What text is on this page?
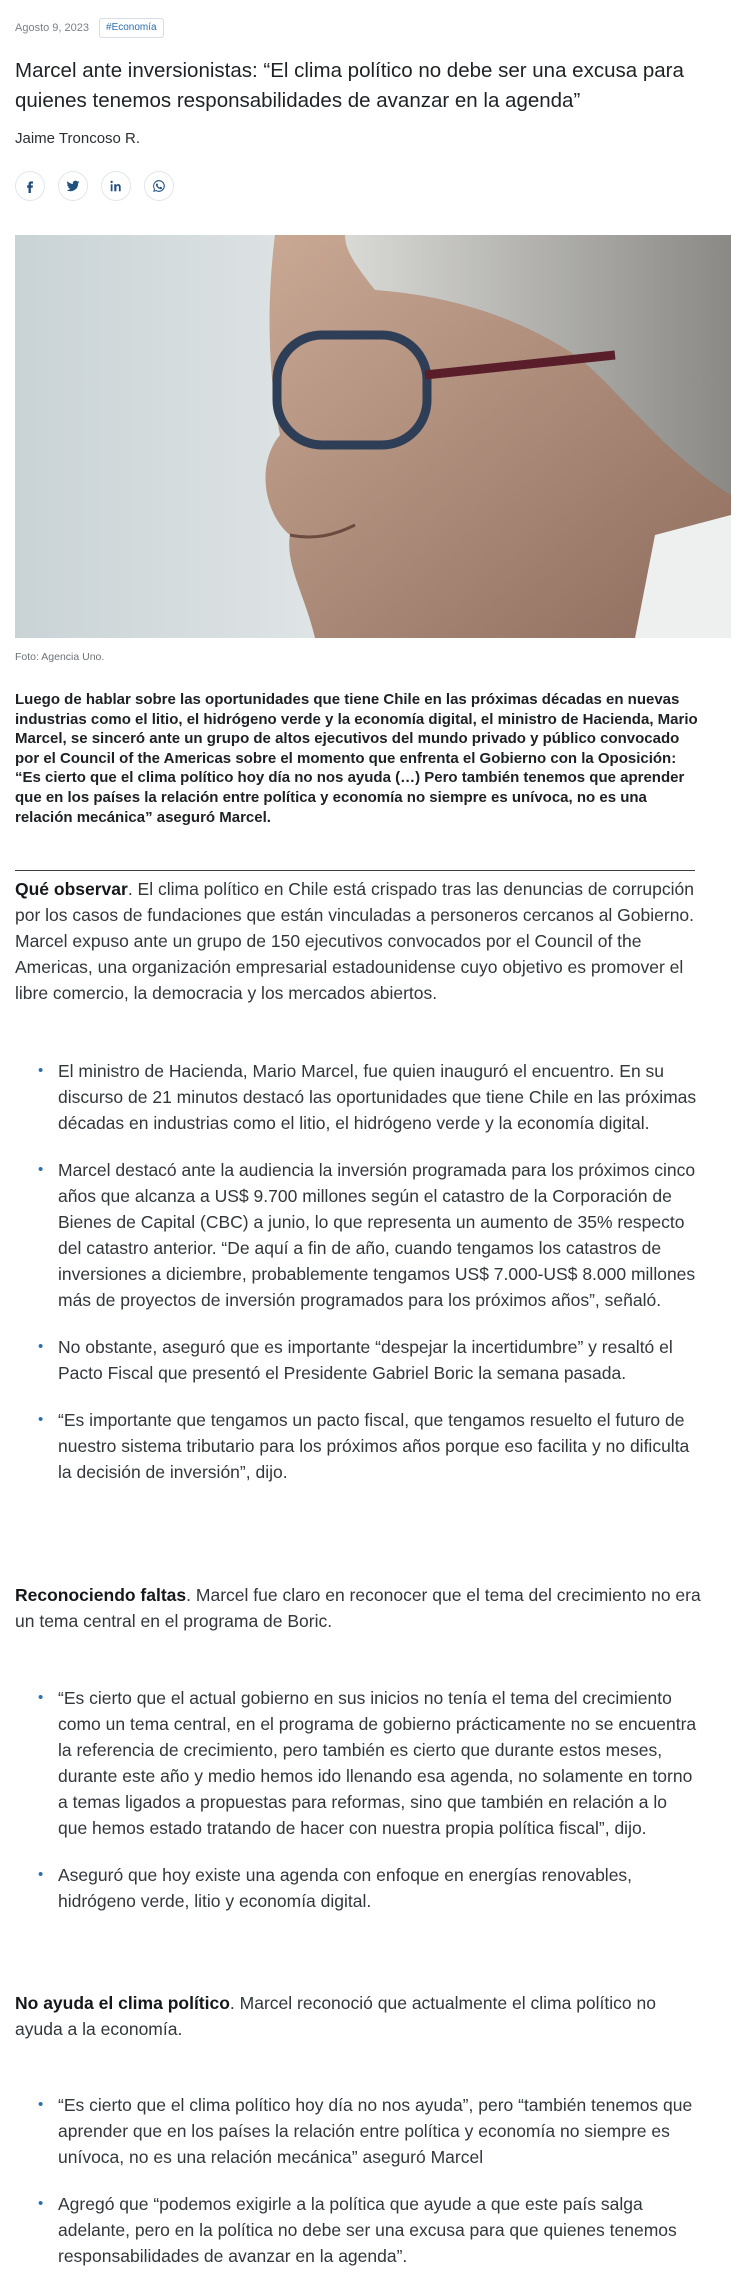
Agosto 9, 2023	#Economía
Marcel ante inversionistas: “El clima político no debe ser una excusa para quienes tenemos responsabilidades de avanzar en la agenda”
Jaime Troncoso R.
Foto: Agencia Uno.

Luego de hablar sobre las oportunidades que tiene Chile en las próximas décadas en nuevas industrias como el litio, el hidrógeno verde y la economía digital, el ministro de Hacienda, Mario Marcel, se sinceró ante un grupo de altos ejecutivos del mundo privado y público convocado por el Council of the Americas sobre el momento que enfrenta el Gobierno con la Oposición: “Es cierto que el clima político hoy día no nos ayuda (…) Pero también tenemos que aprender que en los países la relación entre política y economía no siempre es unívoca, no es una relación mecánica” aseguró Marcel.

Qué observar. El clima político en Chile está crispado tras las denuncias de corrupción por los casos de fundaciones que están vinculadas a personeros cercanos al Gobierno. Marcel expuso ante un grupo de 150 ejecutivos convocados por el Council of the Americas, una organización empresarial estadounidense cuyo objetivo es promover el libre comercio, la democracia y los mercados abiertos.

• El ministro de Hacienda, Mario Marcel, fue quien inauguró el encuentro. En su discurso de 21 minutos destacó las oportunidades que tiene Chile en las próximas décadas en industrias como el litio, el hidrógeno verde y la economía digital.
• Marcel destacó ante la audiencia la inversión programada para los próximos cinco años que alcanza a US$ 9.700 millones según el catastro de la Corporación de Bienes de Capital (CBC) a junio, lo que representa un aumento de 35% respecto del catastro anterior. “De aquí a fin de año, cuando tengamos los catastros de inversiones a diciembre, probablemente tengamos US$ 7.000-US$ 8.000 millones más de proyectos de inversión programados para los próximos años”, señaló.
• No obstante, aseguró que es importante “despejar la incertidumbre” y resaltó el Pacto Fiscal que presentó el Presidente Gabriel Boric la semana pasada.
• “Es importante que tengamos un pacto fiscal, que tengamos resuelto el futuro de nuestro sistema tributario para los próximos años porque eso facilita y no dificulta la decisión de inversión”, dijo.

Reconociendo faltas. Marcel fue claro en reconocer que el tema del crecimiento no era un tema central en el programa de Boric.

• “Es cierto que el actual gobierno en sus inicios no tenía el tema del crecimiento como un tema central, en el programa de gobierno prácticamente no se encuentra la referencia de crecimiento, pero también es cierto que durante estos meses, durante este año y medio hemos ido llenando esa agenda, no solamente en torno a temas ligados a propuestas para reformas, sino que también en relación a lo que hemos estado tratando de hacer con nuestra propia política fiscal”, dijo.
• Aseguró que hoy existe una agenda con enfoque en energías renovables, hidrógeno verde, litio y economía digital.

No ayuda el clima político. Marcel reconoció que actualmente el clima político no ayuda a la economía.

• “Es cierto que el clima político hoy día no nos ayuda”, pero “también tenemos que aprender que en los países la relación entre política y economía no siempre es unívoca, no es una relación mecánica” aseguró Marcel
• Agregó que “podemos exigirle a la política que ayude a que este país salga adelante, pero en la política no debe ser una excusa para que quienes tenemos responsabilidades de avanzar en la agenda”.
